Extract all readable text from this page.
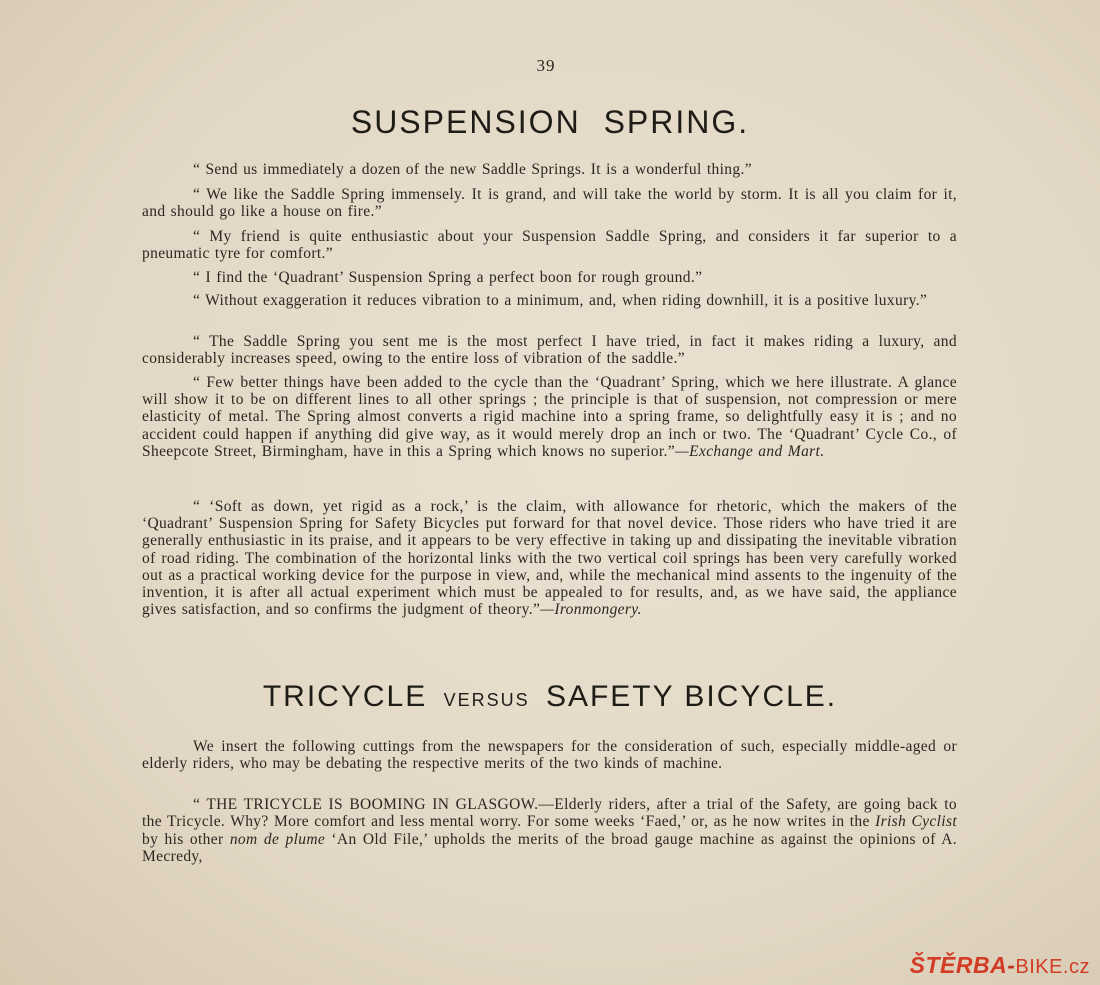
39
SUSPENSION SPRING.

“ Send us immediately a dozen of the new Saddle Springs. It is a wonderful thing.”

“ We like the Saddle Spring immensely. It is grand, and will take the world by storm. It is all you claim for it, and should go like a house on fire.”

“ My friend is quite enthusiastic about your Suspension Saddle Spring, and considers it far superior to a pneumatic tyre for comfort.”

“ I find the ‘Quadrant’ Suspension Spring a perfect boon for rough ground.”

“ Without exaggeration it reduces vibration to a minimum, and, when riding downhill, it is a positive luxury.”

“ The Saddle Spring you sent me is the most perfect I have tried, in fact it makes riding a luxury, and considerably increases speed, owing to the entire loss of vibration of the saddle.”

“ Few better things have been added to the cycle than the ‘Quadrant’ Spring, which we here illustrate. A glance will show it to be on different lines to all other springs ; the principle is that of suspension, not compression or mere elasticity of metal. The Spring almost converts a rigid machine into a spring frame, so delightfully easy it is ; and no accident could happen if anything did give way, as it would merely drop an inch or two. The ‘Quadrant’ Cycle Co., of Sheepcote Street, Birmingham, have in this a Spring which knows no superior.”—Exchange and Mart.

“ ‘Soft as down, yet rigid as a rock,’ is the claim, with allowance for rhetoric, which the makers of the ‘Quadrant’ Suspension Spring for Safety Bicycles put forward for that novel device. Those riders who have tried it are generally enthusiastic in its praise, and it appears to be very effective in taking up and dissipating the inevitable vibration of road riding. The combination of the horizontal links with the two vertical coil springs has been very carefully worked out as a practical working device for the purpose in view, and, while the mechanical mind assents to the ingenuity of the invention, it is after all actual experiment which must be appealed to for results, and, as we have said, the appliance gives satisfaction, and so confirms the judgment of theory.”—Ironmongery.

TRICYCLE VERSUS SAFETY BICYCLE.

We insert the following cuttings from the newspapers for the consideration of such, especially middle-aged or elderly riders, who may be debating the respective merits of the two kinds of machine.

“ THE TRICYCLE IS BOOMING IN GLASGOW.—Elderly riders, after a trial of the Safety, are going back to the Tricycle. Why? More comfort and less mental worry. For some weeks ‘Faed,’ or, as he now writes in the Irish Cyclist by his other nom de plume ‘An Old File,’ upholds the merits of the broad gauge machine as against the opinions of A. Mecredy,

ŠTĚRBA-BIKE.cz
